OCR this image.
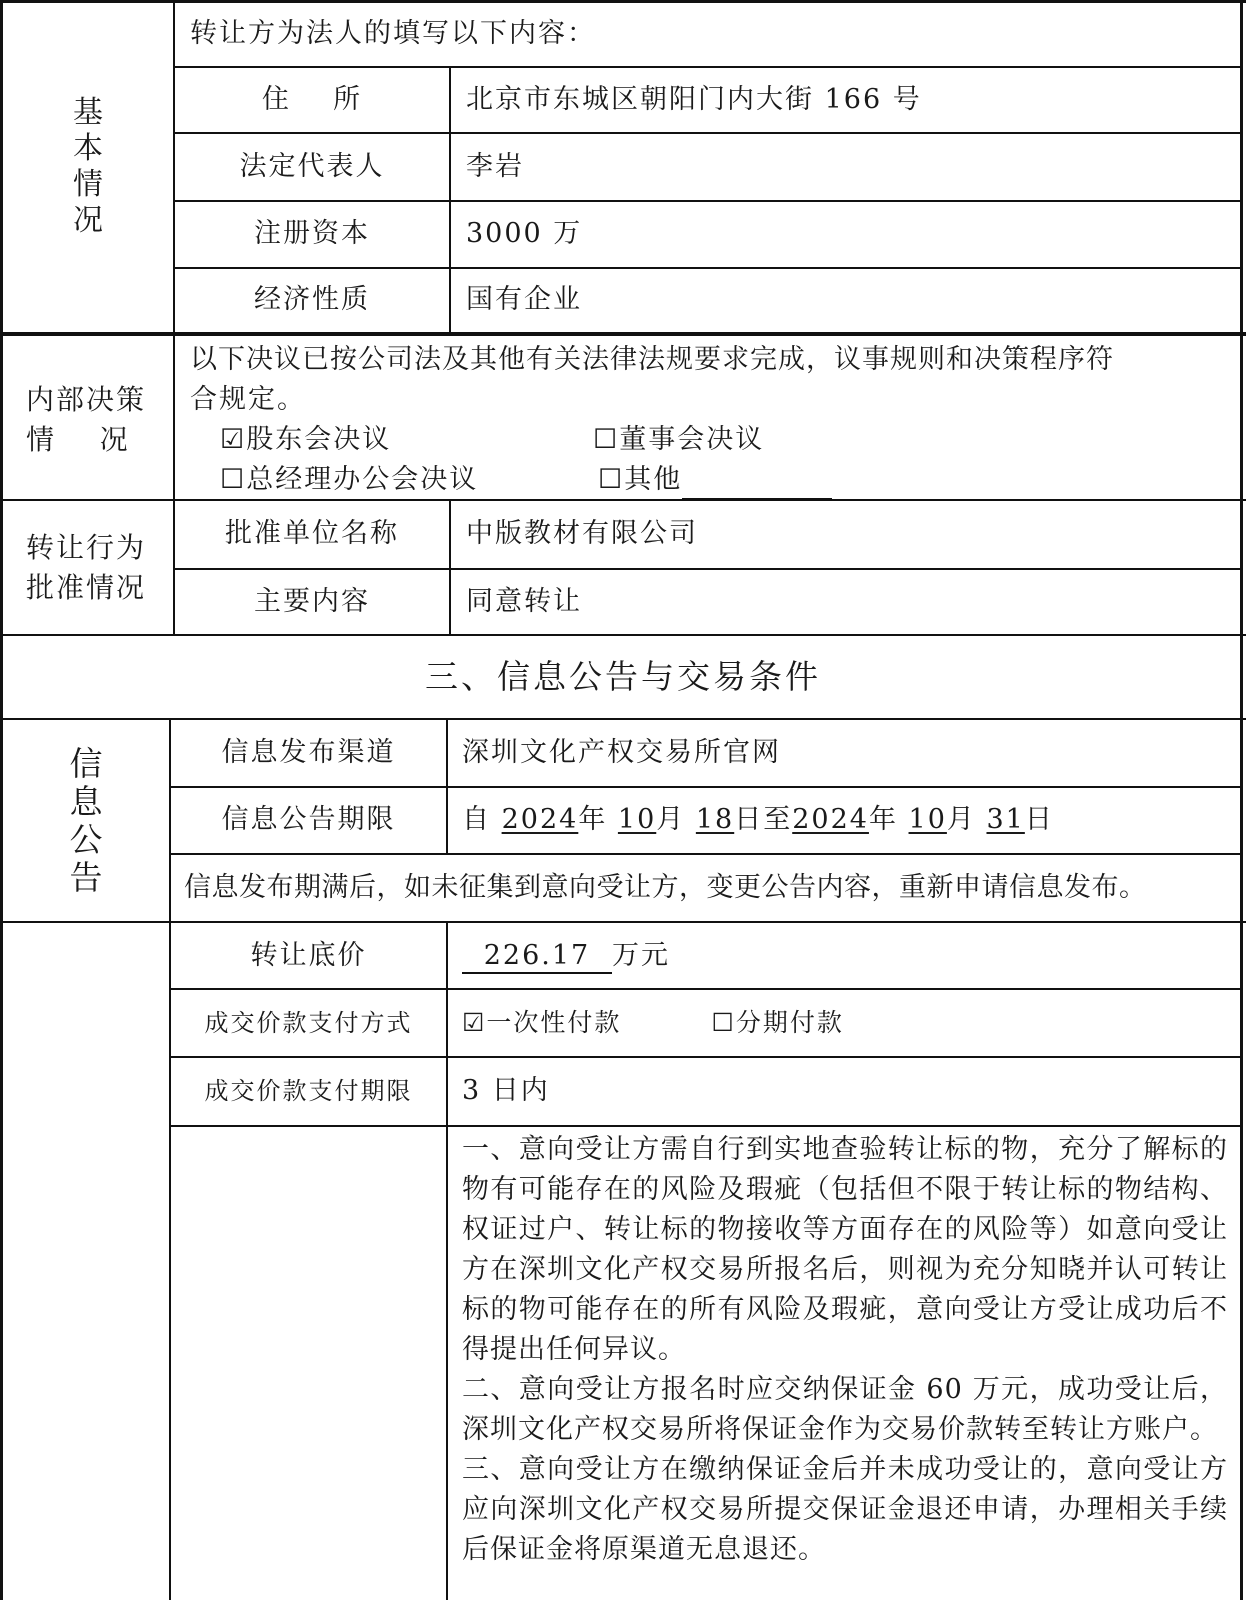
基本情况
转让方为法人的填写以下内容：
住    所	北京市东城区朝阳门内大街 166 号
法定代表人	李岩
注册资本	3000 万
经济性质	国有企业
内部决策
情    况
以下决议已按公司法及其他有关法律法规要求完成，议事规则和决策程序符
合规定。
☑股东会决议	☐董事会决议
☐总经理办公会决议	☐其他
转让行为
批准情况
批准单位名称	中版教材有限公司
主要内容	同意转让
三、信息公告与交易条件
信息公告
信息发布渠道	深圳文化产权交易所官网
信息公告期限	自 2024年 10月 18日至2024年 10月 31日
信息发布期满后，如未征集到意向受让方，变更公告内容，重新申请信息发布。
转让底价	226.17 万元
成交价款支付方式	☑一次性付款	☐分期付款
成交价款支付期限	3 日内

一、意向受让方需自行到实地查验转让标的物，充分了解标的物有可能存在的风险及瑕疵（包括但不限于转让标的物结构、权证过户、转让标的物接收等方面存在的风险等）如意向受让方在深圳文化产权交易所报名后，则视为充分知晓并认可转让标的物可能存在的所有风险及瑕疵，意向受让方受让成功后不得提出任何异议。

二、意向受让方报名时应交纳保证金 60 万元，成功受让后，深圳文化产权交易所将保证金作为交易价款转至转让方账户。

三、意向受让方在缴纳保证金后并未成功受让的，意向受让方应向深圳文化产权交易所提交保证金退还申请，办理相关手续后保证金将原渠道无息退还。
